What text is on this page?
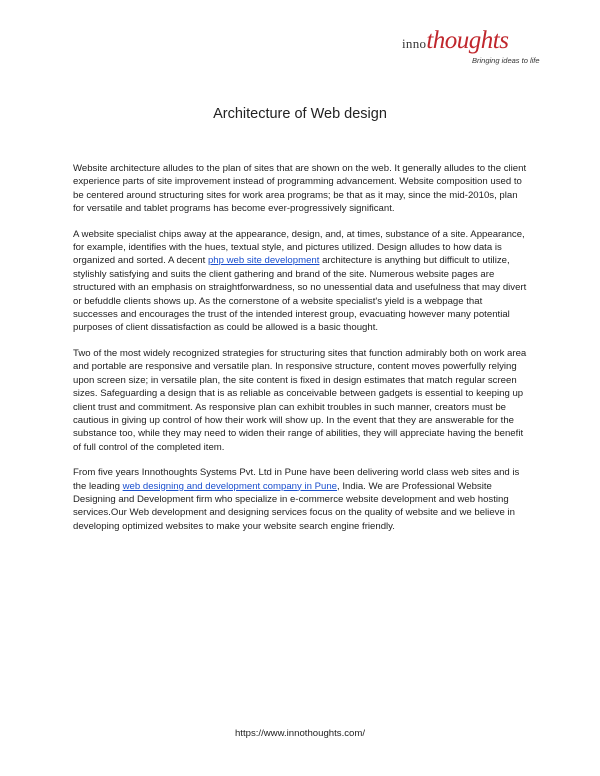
innothoughts
Bringing ideas to life
Architecture of Web design

Website architecture alludes to the plan of sites that are shown on the web. It generally alludes to the client experience parts of site improvement instead of programming advancement. Website composition used to be centered around structuring sites for work area programs; be that as it may, since the mid-2010s, plan for versatile and tablet programs has become ever-progressively significant.

A website specialist chips away at the appearance, design, and, at times, substance of a site. Appearance, for example, identifies with the hues, textual style, and pictures utilized. Design alludes to how data is organized and sorted. A decent php web site development architecture is anything but difficult to utilize, stylishly satisfying and suits the client gathering and brand of the site. Numerous website pages are structured with an emphasis on straightforwardness, so no unessential data and usefulness that may divert or befuddle clients shows up. As the cornerstone of a website specialist's yield is a webpage that successes and encourages the trust of the intended interest group, evacuating however many potential purposes of client dissatisfaction as could be allowed is a basic thought.

Two of the most widely recognized strategies for structuring sites that function admirably both on work area and portable are responsive and versatile plan. In responsive structure, content moves powerfully relying upon screen size; in versatile plan, the site content is fixed in design estimates that match regular screen sizes. Safeguarding a design that is as reliable as conceivable between gadgets is essential to keeping up client trust and commitment. As responsive plan can exhibit troubles in such manner, creators must be cautious in giving up control of how their work will show up. In the event that they are answerable for the substance too, while they may need to widen their range of abilities, they will appreciate having the benefit of full control of the completed item.

From five years Innothoughts Systems Pvt. Ltd in Pune have been delivering world class web sites and is the leading web designing and development company in Pune, India. We are Professional Website Designing and Development firm who specialize in e-commerce website development and web hosting services.Our Web development and designing services focus on the quality of website and we believe in developing optimized websites to make your website search engine friendly.

https://www.innothoughts.com/
